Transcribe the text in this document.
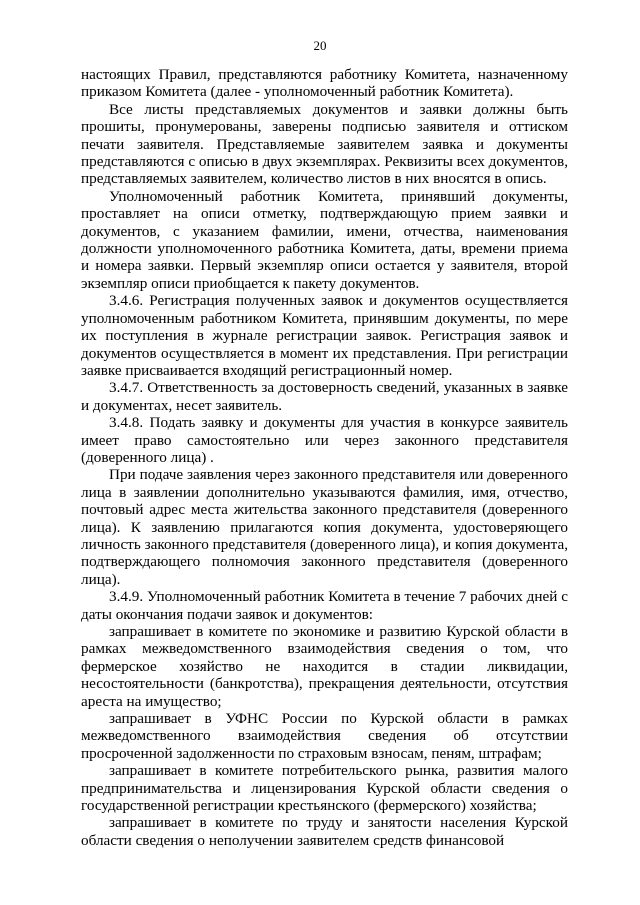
20

настоящих Правил, представляются работнику Комитета, назначенному приказом Комитета (далее - уполномоченный работник Комитета).

Все листы представляемых документов и заявки должны быть прошиты, пронумерованы, заверены подписью заявителя и оттиском печати заявителя. Представляемые заявителем заявка и документы представляются с описью в двух экземплярах. Реквизиты всех документов, представляемых заявителем, количество листов в них вносятся в опись.

Уполномоченный работник Комитета, принявший документы, проставляет на описи отметку, подтверждающую прием заявки и документов, с указанием фамилии, имени, отчества, наименования должности уполномоченного работника Комитета, даты, времени приема и номера заявки. Первый экземпляр описи остается у заявителя, второй экземпляр описи приобщается к пакету документов.

3.4.6. Регистрация полученных заявок и документов осуществляется уполномоченным работником Комитета, принявшим документы, по мере их поступления в журнале регистрации заявок. Регистрация заявок и документов осуществляется в момент их представления. При регистрации заявке присваивается входящий регистрационный номер.

3.4.7. Ответственность за достоверность сведений, указанных в заявке и документах, несет заявитель.

3.4.8. Подать заявку и документы для участия в конкурсе заявитель имеет право самостоятельно или через законного представителя (доверенного лица) .

При подаче заявления через законного представителя или доверенного лица в заявлении дополнительно указываются фамилия, имя, отчество, почтовый адрес места жительства законного представителя (доверенного лица). К заявлению прилагаются копия документа, удостоверяющего личность законного представителя (доверенного лица), и копия документа, подтверждающего полномочия законного представителя (доверенного лица).

3.4.9. Уполномоченный работник Комитета в течение 7 рабочих дней с даты окончания подачи заявок и документов:

запрашивает в комитете по экономике и развитию Курской области в рамках межведомственного взаимодействия сведения о том, что фермерское хозяйство не находится в стадии ликвидации, несостоятельности (банкротства), прекращения деятельности, отсутствия ареста на имущество;

запрашивает в УФНС России по Курской области в рамках межведомственного взаимодействия сведения об отсутствии просроченной задолженности по страховым взносам, пеням, штрафам;

запрашивает в комитете потребительского рынка, развития малого предпринимательства и лицензирования Курской области сведения о государственной регистрации крестьянского (фермерского) хозяйства;

запрашивает в комитете по труду и занятости населения Курской области сведения о неполучении заявителем средств финансовой
